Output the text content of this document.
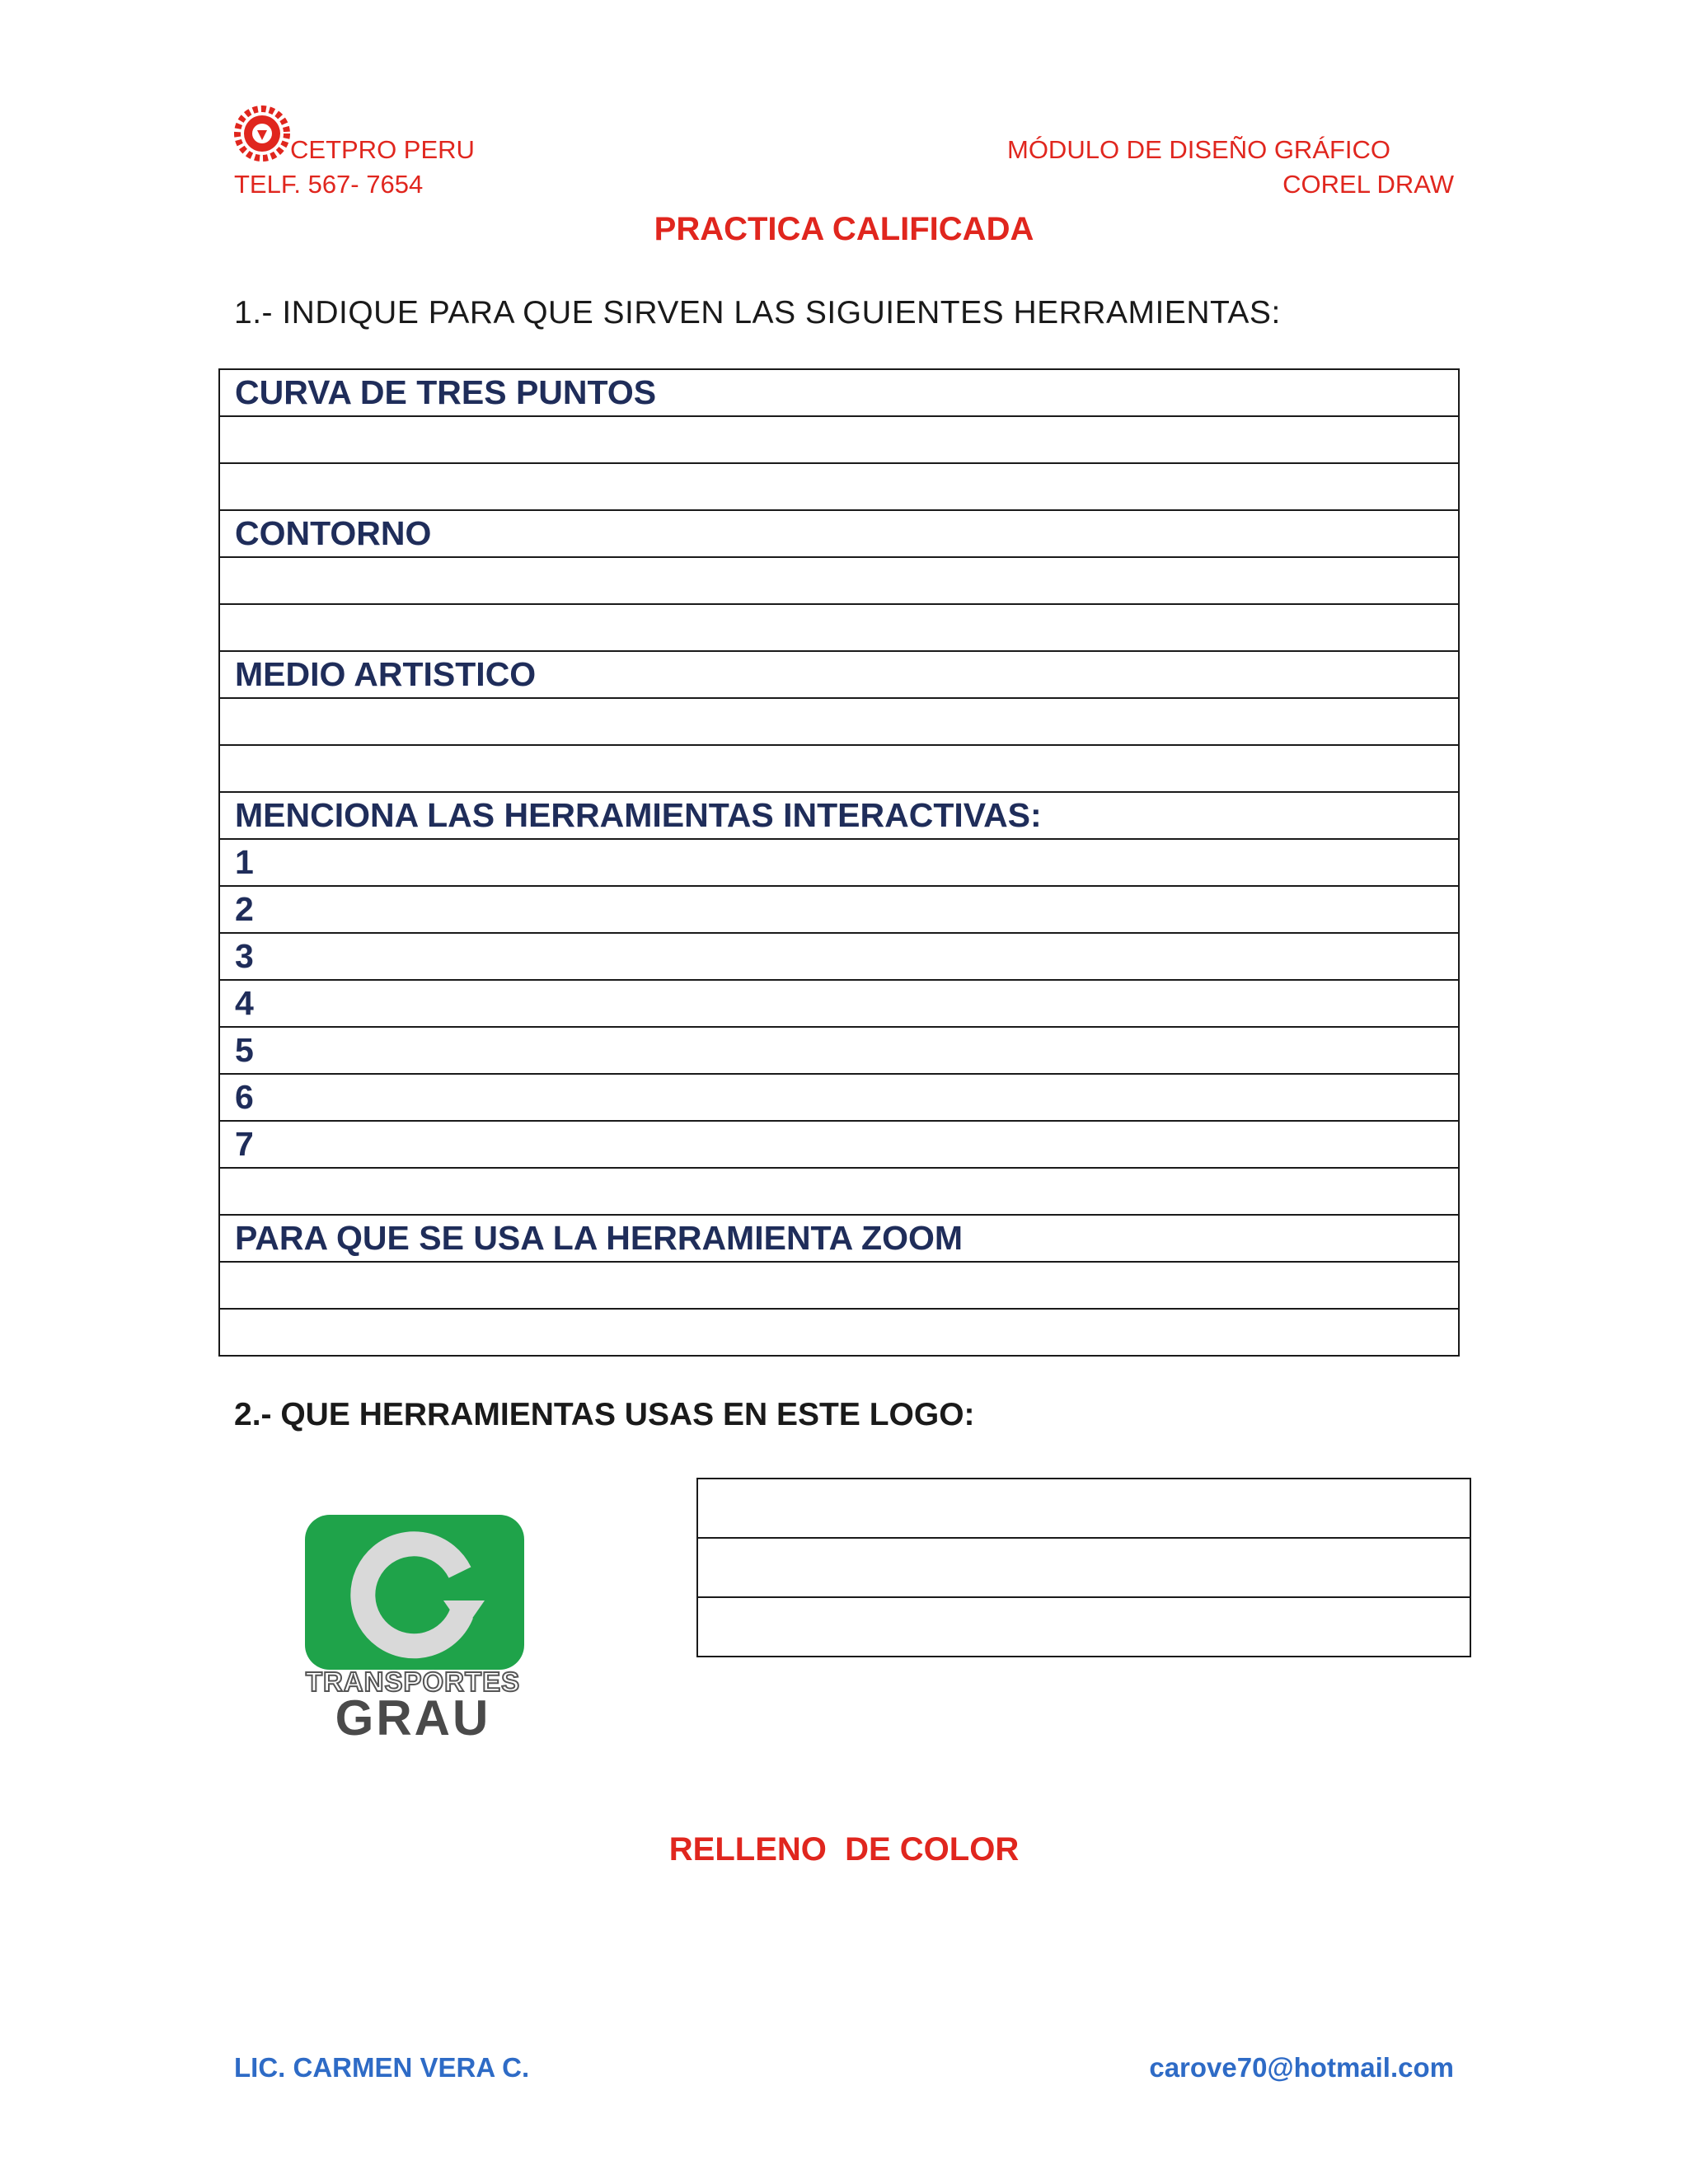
CETPRO PERU
TELF. 567- 7654
MÓDULO DE DISEÑO GRÁFICO
COREL DRAW
PRACTICA CALIFICADA
1.- INDIQUE PARA QUE SIRVEN LAS SIGUIENTES HERRAMIENTAS:
CURVA DE TRES PUNTOS

CONTORNO

MEDIO ARTISTICO

MENCIONA LAS HERRAMIENTAS INTERACTIVAS:
1
2
3
4
5
6
7

PARA QUE SE USA LA HERRAMIENTA ZOOM

2.- QUE HERRAMIENTAS USAS EN ESTE LOGO:
TRANSPORTES
GRAU

RELLENO  DE COLOR
LIC. CARMEN VERA C.	carove70@hotmail.com
